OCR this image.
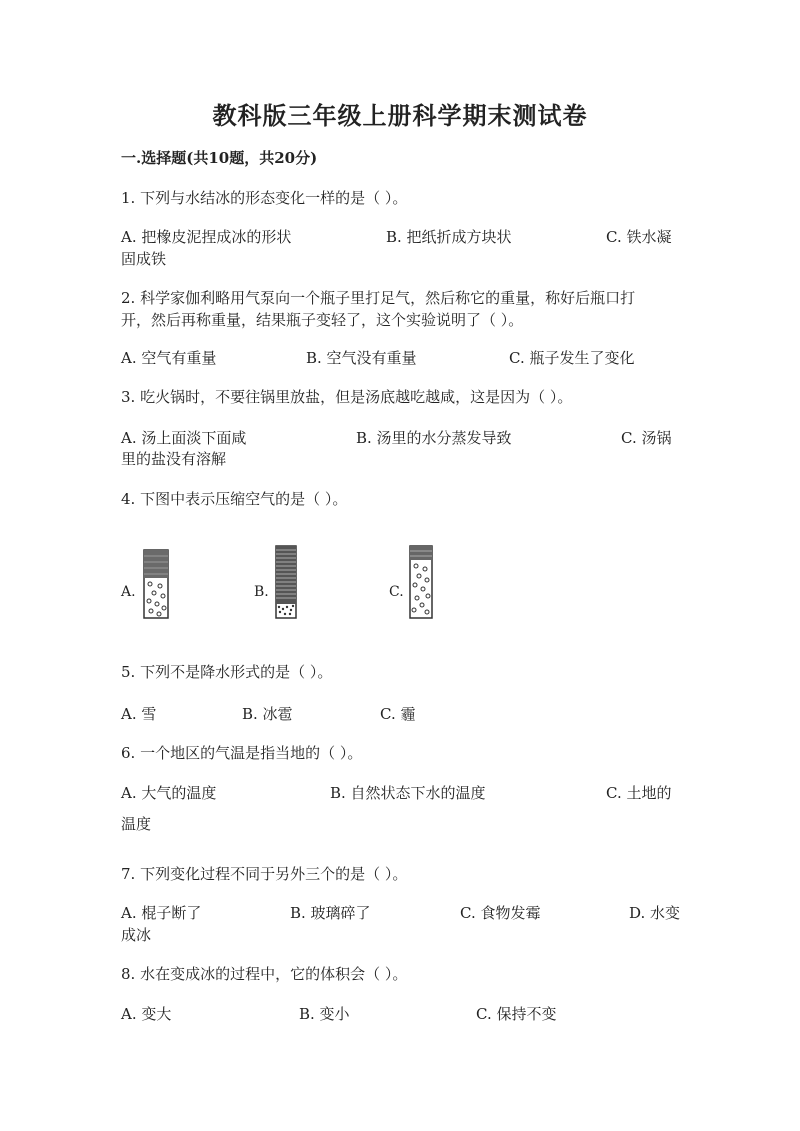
教科版三年级上册科学期末测试卷
一.选择题(共10题，共20分)
1. 下列与水结冰的形态变化一样的是（ ）。
A. 把橡皮泥捏成冰的形状	B. 把纸折成方块状	C. 铁水凝
固成铁
2. 科学家伽利略用气泵向一个瓶子里打足气，然后称它的重量，称好后瓶口打
开，然后再称重量，结果瓶子变轻了，这个实验说明了（ ）。
A. 空气有重量	B. 空气没有重量	C. 瓶子发生了变化
3. 吃火锅时，不要往锅里放盐，但是汤底越吃越咸，这是因为（ ）。
A. 汤上面淡下面咸	B. 汤里的水分蒸发导致	C. 汤锅
里的盐没有溶解
4. 下图中表示压缩空气的是（ ）。
A.	B.	C.
5. 下列不是降水形式的是（ ）。
A. 雪	B. 冰雹	C. 霾
6. 一个地区的气温是指当地的（ ）。
A. 大气的温度	B. 自然状态下水的温度	C. 土地的
温度
7. 下列变化过程不同于另外三个的是（ ）。
A. 棍子断了	B. 玻璃碎了	C. 食物发霉	D. 水变
成冰
8. 水在变成冰的过程中，它的体积会（ ）。
A. 变大	B. 变小	C. 保持不变
